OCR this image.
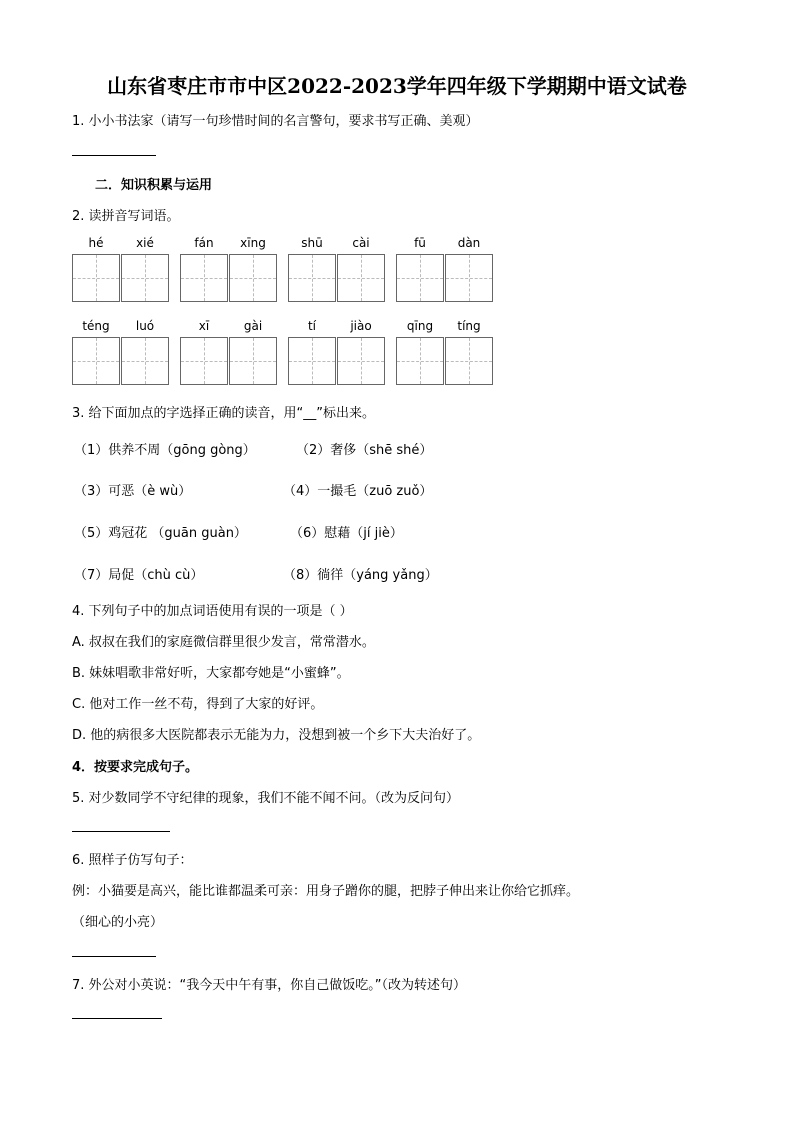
山东省枣庄市市中区2022-2023学年四年级下学期期中语文试卷
1. 小小书法家（请写一句珍惜时间的名言警句，要求书写正确、美观）
二．知识积累与运用
2. 读拼音写词语。
hé	xié	fán	xīng	shū	cài	fū	dàn
téng	luó	xī	gài	tí	jiào	qīng	tíng
3. 给下面加点的字选择正确的读音，用“__”标出来。
（1）供养不周（gōng gòng）	（2）奢侈（shē shé）
（3）可恶（è wù）	（4）一撮毛（zuō zuǒ）
（5）鸡冠花 （guān guàn）	（6）慰藉（jí jiè）
（7）局促（chù cù）	（8）徜徉（yáng yǎng）
4. 下列句子中的加点词语使用有误的一项是（ ）
A. 叔叔在我们的家庭微信群里很少发言，常常潜水。
B. 妹妹唱歌非常好听，大家都夸她是“小蜜蜂”。
C. 他对工作一丝不苟，得到了大家的好评。
D. 他的病很多大医院都表示无能为力，没想到被一个乡下大夫治好了。
4．按要求完成句子。
5. 对少数同学不守纪律的现象，我们不能不闻不问。（改为反问句）
6. 照样子仿写句子：
例：小猫要是高兴，能比谁都温柔可亲：用身子蹭你的腿，把脖子伸出来让你给它抓痒。
（细心的小亮）
7. 外公对小英说：“我今天中午有事，你自己做饭吃。”（改为转述句）
